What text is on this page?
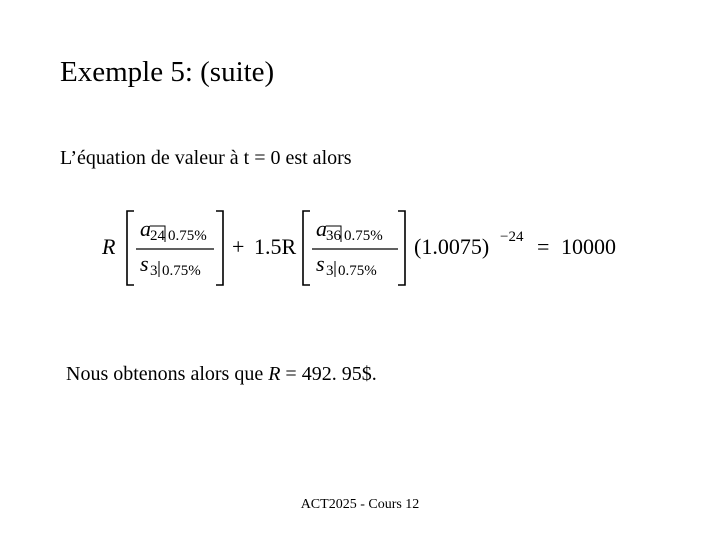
Exemple 5: (suite)
L’équation de valeur à t = 0 est alors
R
a 24 0.75%
s 3 0.75%
+ 1.5R
a 36 0.75%
s 3 0.75%
(1.0075) −24 = 10000
Nous obtenons alors que R = 492. 95$.
ACT2025 - Cours 12
